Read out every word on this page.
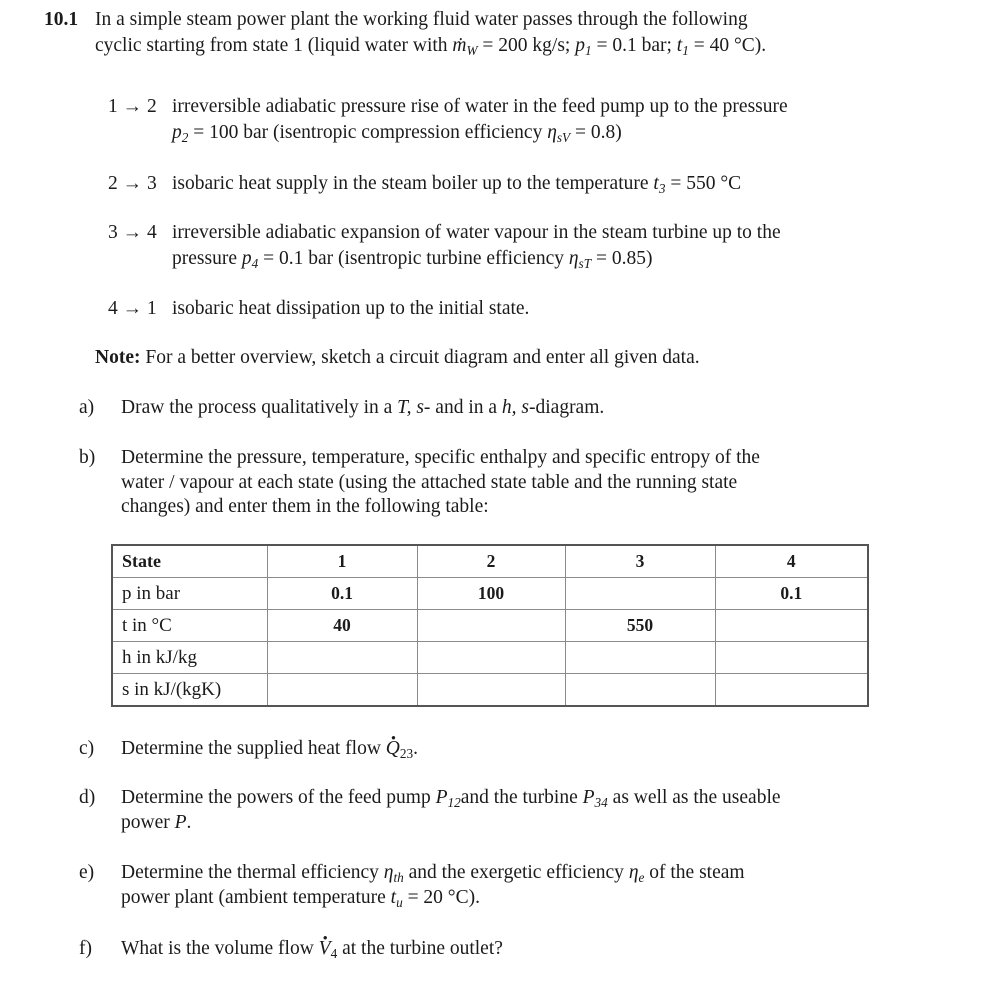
10.1 In a simple steam power plant the working fluid water passes through the following
cyclic starting from state 1 (liquid water with ṁ$_W$ = 200 kg/s; $p_1 = 0.1$ bar; $t_1 = 40$ °C).
1 → 2 irreversible adiabatic pressure rise of water in the feed pump up to the pressure
$p_2 = 100$ bar (isentropic compression efficiency $\eta_{sV} = 0.8$)
2 → 3 isobaric heat supply in the steam boiler up to the temperature $t_3 = 550$ °C
3 → 4 irreversible adiabatic expansion of water vapour in the steam turbine up to the
pressure $p_4 = 0.1$ bar (isentropic turbine efficiency $\eta_{sT} = 0.85$)
4 → 1 isobaric heat dissipation up to the initial state.
Note: For a better overview, sketch a circuit diagram and enter all given data.
a) Draw the process qualitatively in a T, s- and in a h, s-diagram.
b) Determine the pressure, temperature, specific enthalpy and specific entropy of the
water / vapour at each state (using the attached state table and the running state
changes) and enter them in the following table:
State	1	2	3	4
p in bar	0.1	100		0.1
t in °C	40		550	
h in kJ/kg				
s in kJ/(kgK)				
c) Determine the supplied heat flow $Q \cdot_{23}$.
d) Determine the powers of the feed pump $P_{12}and$ the turbine $P_{34}$ as well as the useable
power P.
e) Determine the thermal efficiency $\eta_{th}$ and the exergetic efficiency $\eta_e$ of the steam
power plant (ambient temperature $t_u = 20$ °C).
f) What is the volume flow $V \cdot_4$ at the turbine outlet?
